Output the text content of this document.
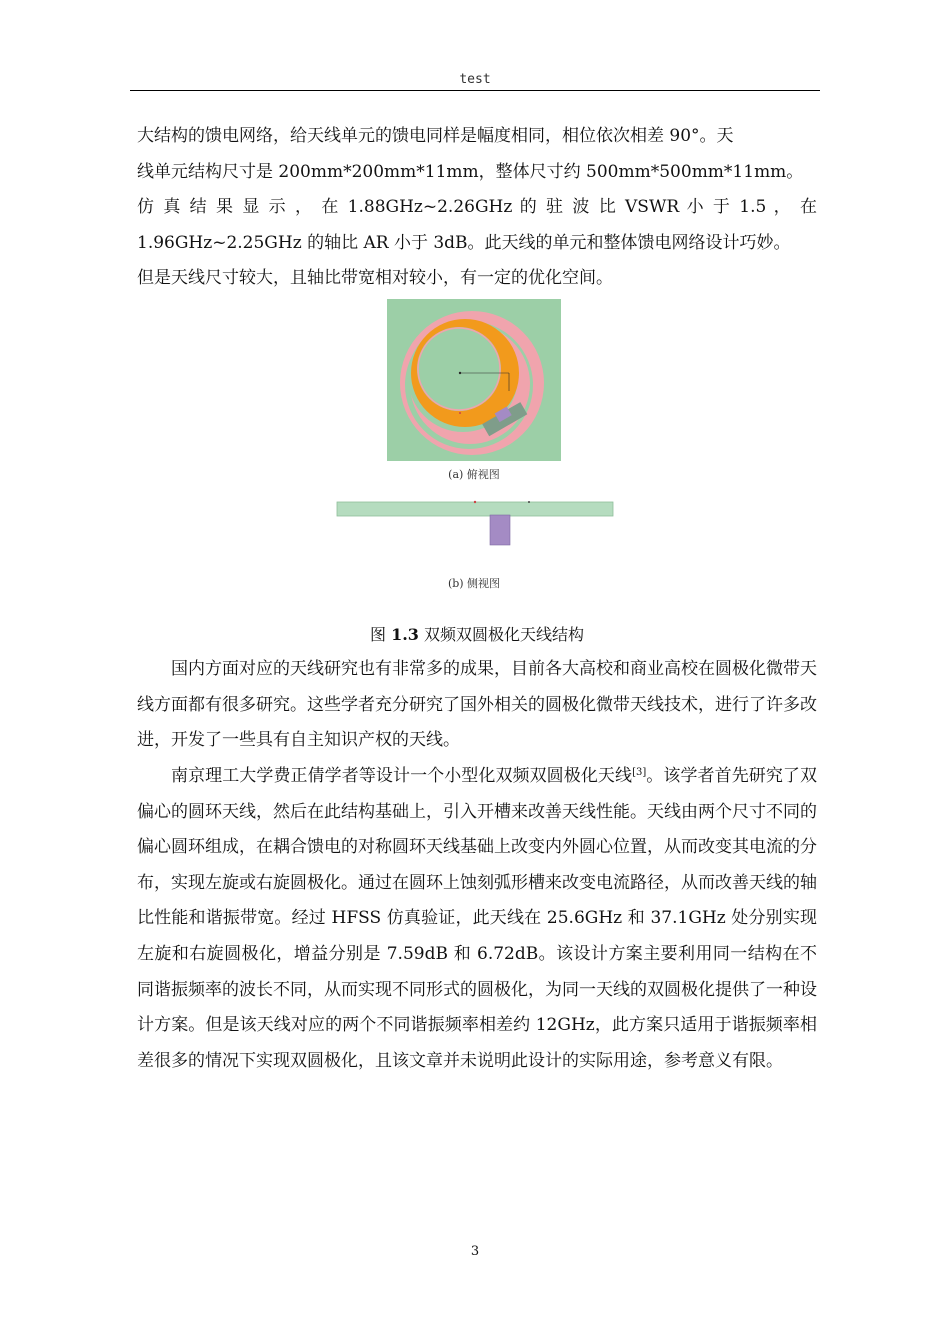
test
大结构的馈电网络，给天线单元的馈电同样是幅度相同，相位依次相差 90°。天
线单元结构尺寸是 200mm*200mm*11mm，整体尺寸约 500mm*500mm*11mm。
仿 真 结 果 显 示 ， 在 1.88GHz~2.26GHz 的 驻 波 比 VSWR 小 于 1.5 ， 在
1.96GHz~2.25GHz 的轴比 AR 小于 3dB。此天线的单元和整体馈电网络设计巧妙。
但是天线尺寸较大，且轴比带宽相对较小，有一定的优化空间。
(a) 俯视图
(b) 侧视图
图 1.3 双频双圆极化天线结构

国内方面对应的天线研究也有非常多的成果，目前各大高校和商业高校在圆极化微带天线方面都有很多研究。这些学者充分研究了国外相关的圆极化微带天线技术，进行了许多改进，开发了一些具有自主知识产权的天线。

南京理工大学费正倩学者等设计一个小型化双频双圆极化天线[3]。该学者首先研究了双偏心的圆环天线，然后在此结构基础上，引入开槽来改善天线性能。天线由两个尺寸不同的偏心圆环组成，在耦合馈电的对称圆环天线基础上改变内外圆心位置，从而改变其电流的分布，实现左旋或右旋圆极化。通过在圆环上蚀刻弧形槽来改变电流路径，从而改善天线的轴比性能和谐振带宽。经过 HFSS 仿真验证，此天线在 25.6GHz 和 37.1GHz 处分别实现左旋和右旋圆极化，增益分别是 7.59dB 和 6.72dB。该设计方案主要利用同一结构在不同谐振频率的波长不同，从而实现不同形式的圆极化，为同一天线的双圆极化提供了一种设计方案。但是该天线对应的两个不同谐振频率相差约 12GHz，此方案只适用于谐振频率相差很多的情况下实现双圆极化，且该文章并未说明此设计的实际用途，参考意义有限。

3
